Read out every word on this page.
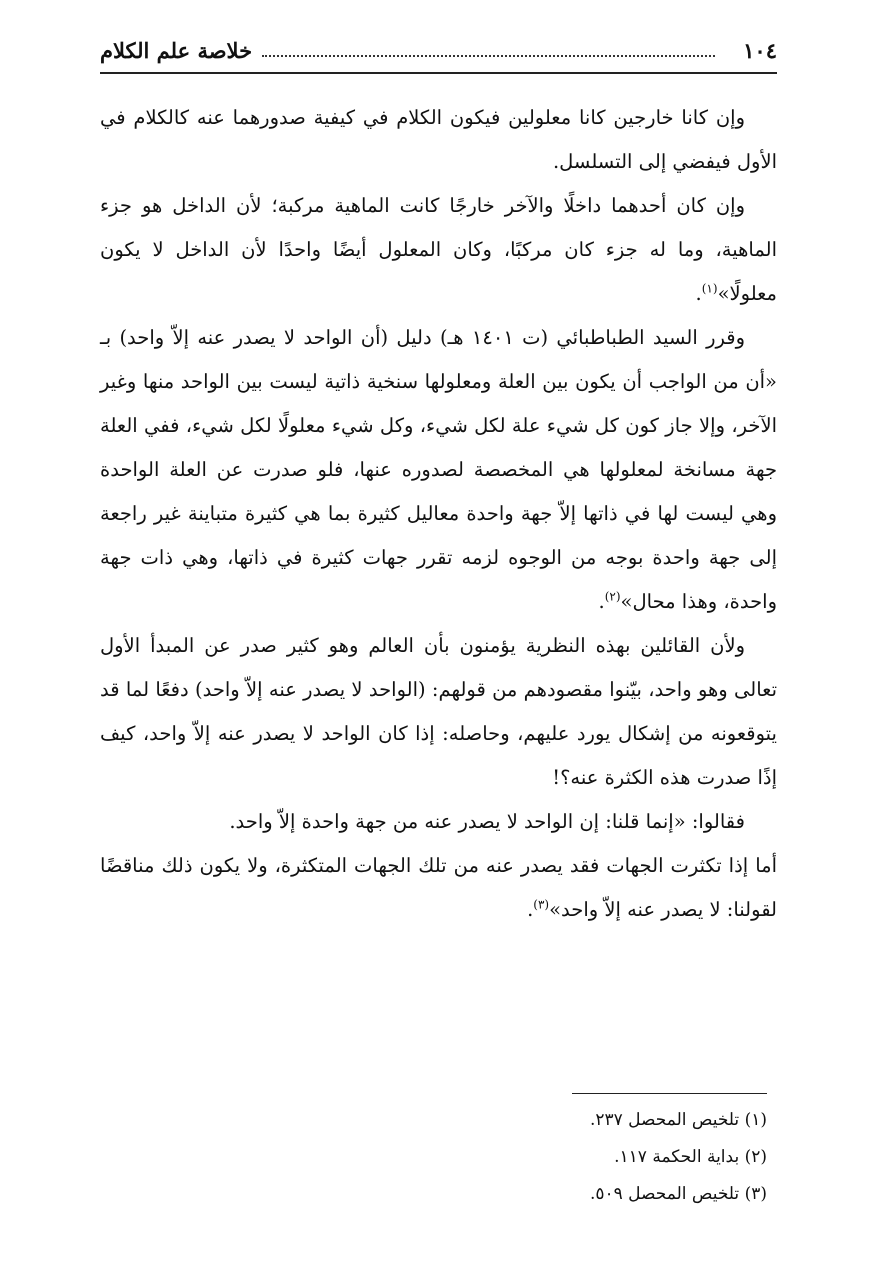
١٠٤
خلاصة علم الكلام

وإن كانا خارجين كانا معلولين فيكون الكلام في كيفية صدورهما عنه كالكلام في الأول فيفضي إلى التسلسل.

وإن كان أحدهما داخلًا والآخر خارجًا كانت الماهية مركبة؛ لأن الداخل هو جزء الماهية، وما له جزء كان مركبًا، وكان المعلول أيضًا واحدًا لأن الداخل لا يكون معلولًا»$^{(١)}$.

وقرر السيد الطباطبائي (ت ١٤٠١ هـ) دليل (أن الواحد لا يصدر عنه إلاّ واحد) بـ «أن من الواجب أن يكون بين العلة ومعلولها سنخية ذاتية ليست بين الواحد منها وغير الآخر، وإلا جاز كون كل شيء علة لكل شيء، وكل شيء معلولًا لكل شيء، ففي العلة جهة مسانخة لمعلولها هي المخصصة لصدوره عنها، فلو صدرت عن العلة الواحدة وهي ليست لها في ذاتها إلاّ جهة واحدة معاليل كثيرة بما هي كثيرة متباينة غير راجعة إلى جهة واحدة بوجه من الوجوه لزمه تقرر جهات كثيرة في ذاتها، وهي ذات جهة واحدة، وهذا محال»$^{(٢)}$.

ولأن القائلين بهذه النظرية يؤمنون بأن العالم وهو كثير صدر عن المبدأ الأول تعالى وهو واحد، بيّنوا مقصودهم من قولهم: (الواحد لا يصدر عنه إلاّ واحد) دفعًا لما قد يتوقعونه من إشكال يورد عليهم، وحاصله: إذا كان الواحد لا يصدر عنه إلاّ واحد، كيف إذًا صدرت هذه الكثرة عنه؟!

فقالوا: «إنما قلنا: إن الواحد لا يصدر عنه من جهة واحدة إلاّ واحد.

أما إذا تكثرت الجهات فقد يصدر عنه من تلك الجهات المتكثرة، ولا يكون ذلك مناقضًا لقولنا: لا يصدر عنه إلاّ واحد»$^{(٣)}$.

(١) تلخيص المحصل ٢٣٧.

(٢) بداية الحكمة ١١٧.

(٣) تلخيص المحصل ٥٠٩.
